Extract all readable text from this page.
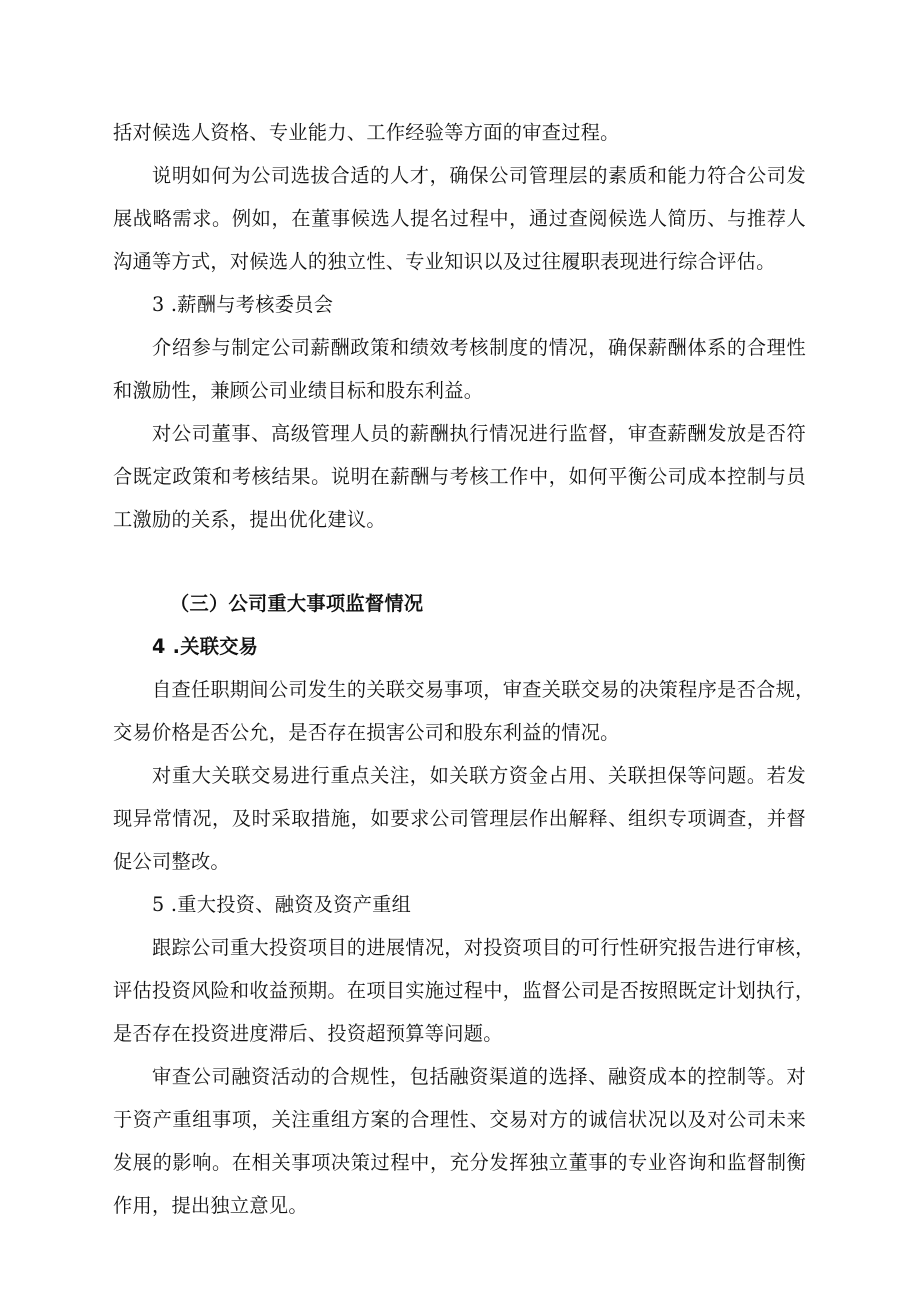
括对候选人资格、专业能力、工作经验等方面的审查过程。
说明如何为公司选拔合适的人才，确保公司管理层的素质和能力符合公司发
展战略需求。例如，在董事候选人提名过程中，通过查阅候选人简历、与推荐人
沟通等方式，对候选人的独立性、专业知识以及过往履职表现进行综合评估。
3 .薪酬与考核委员会
介绍参与制定公司薪酬政策和绩效考核制度的情况，确保薪酬体系的合理性
和激励性，兼顾公司业绩目标和股东利益。
对公司董事、高级管理人员的薪酬执行情况进行监督，审查薪酬发放是否符
合既定政策和考核结果。说明在薪酬与考核工作中，如何平衡公司成本控制与员
工激励的关系，提出优化建议。
（三）公司重大事项监督情况
4 .关联交易
自查任职期间公司发生的关联交易事项，审查关联交易的决策程序是否合规，
交易价格是否公允，是否存在损害公司和股东利益的情况。
对重大关联交易进行重点关注，如关联方资金占用、关联担保等问题。若发
现异常情况，及时采取措施，如要求公司管理层作出解释、组织专项调查，并督
促公司整改。
5 .重大投资、融资及资产重组
跟踪公司重大投资项目的进展情况，对投资项目的可行性研究报告进行审核，
评估投资风险和收益预期。在项目实施过程中，监督公司是否按照既定计划执行，
是否存在投资进度滞后、投资超预算等问题。
审查公司融资活动的合规性，包括融资渠道的选择、融资成本的控制等。对
于资产重组事项，关注重组方案的合理性、交易对方的诚信状况以及对公司未来
发展的影响。在相关事项决策过程中，充分发挥独立董事的专业咨询和监督制衡
作用，提出独立意见。
